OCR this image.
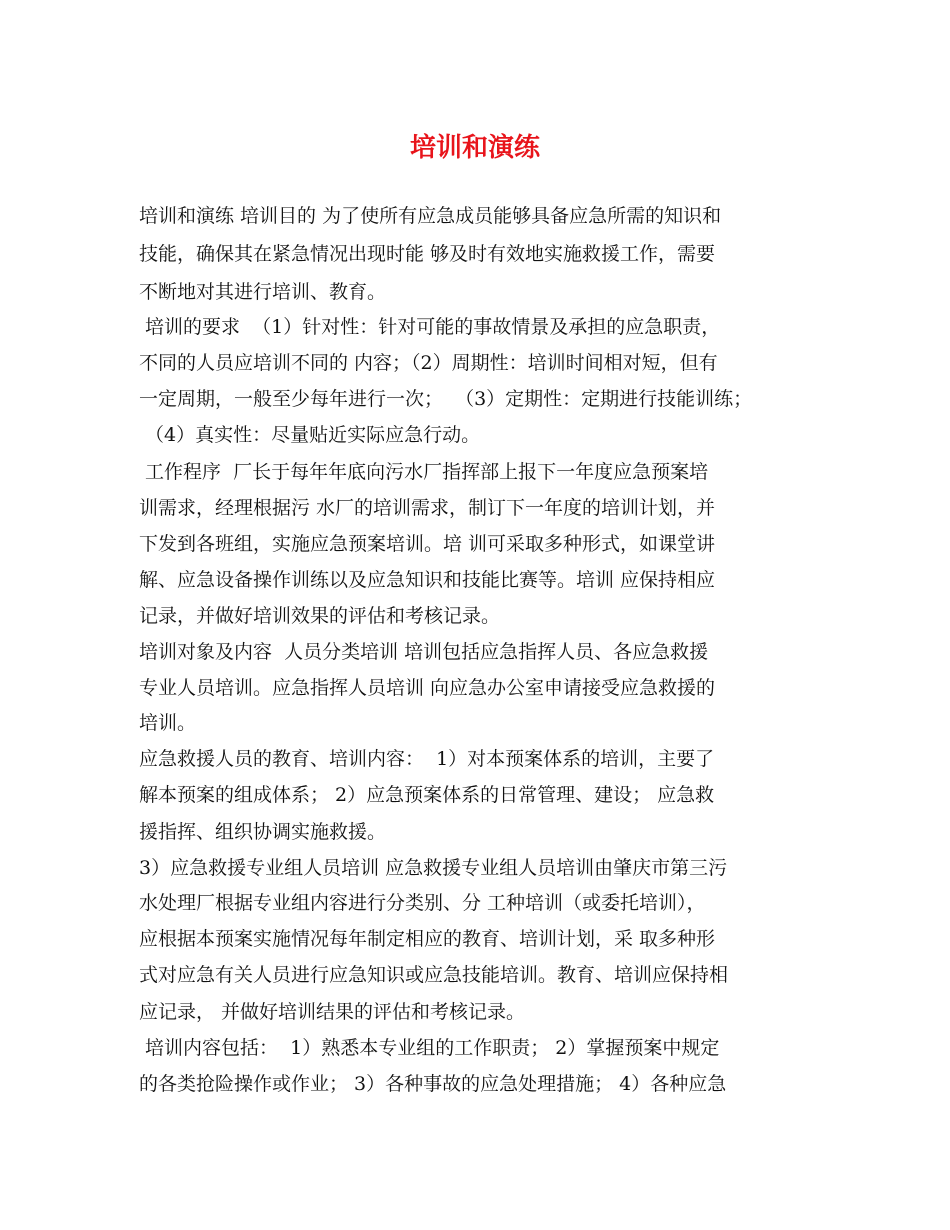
培训和演练
培训和演练 培训目的 为了使所有应急成员能够具备应急所需的知识和
技能，确保其在紧急情况出现时能 够及时有效地实施救援工作，需要
不断地对其进行培训、教育。
培训的要求  （1）针对性：针对可能的事故情景及承担的应急职责，
不同的人员应培训不同的 内容；（2）周期性：培训时间相对短，但有
一定周期，一般至少每年进行一次；  （3）定期性：定期进行技能训练；
（4）真实性：尽量贴近实际应急行动。
工作程序  厂长于每年年底向污水厂指挥部上报下一年度应急预案培
训需求，经理根据污 水厂的培训需求，制订下一年度的培训计划，并
下发到各班组，实施应急预案培训。培 训可采取多种形式，如课堂讲
解、应急设备操作训练以及应急知识和技能比赛等。培训 应保持相应
记录，并做好培训效果的评估和考核记录。
培训对象及内容  人员分类培训 培训包括应急指挥人员、各应急救援
专业人员培训。应急指挥人员培训 向应急办公室申请接受应急救援的
培训。
应急救援人员的教育、培训内容：  1）对本预案体系的培训，主要了
解本预案的组成体系； 2）应急预案体系的日常管理、建设； 应急救
援指挥、组织协调实施救援。
3）应急救援专业组人员培训 应急救援专业组人员培训由肇庆市第三污
水处理厂根据专业组内容进行分类别、分 工种培训（或委托培训），
应根据本预案实施情况每年制定相应的教育、培训计划，采 取多种形
式对应急有关人员进行应急知识或应急技能培训。教育、培训应保持相
应记录， 并做好培训结果的评估和考核记录。
培训内容包括：  1）熟悉本专业组的工作职责； 2）掌握预案中规定
的各类抢险操作或作业； 3）各种事故的应急处理措施； 4）各种应急
